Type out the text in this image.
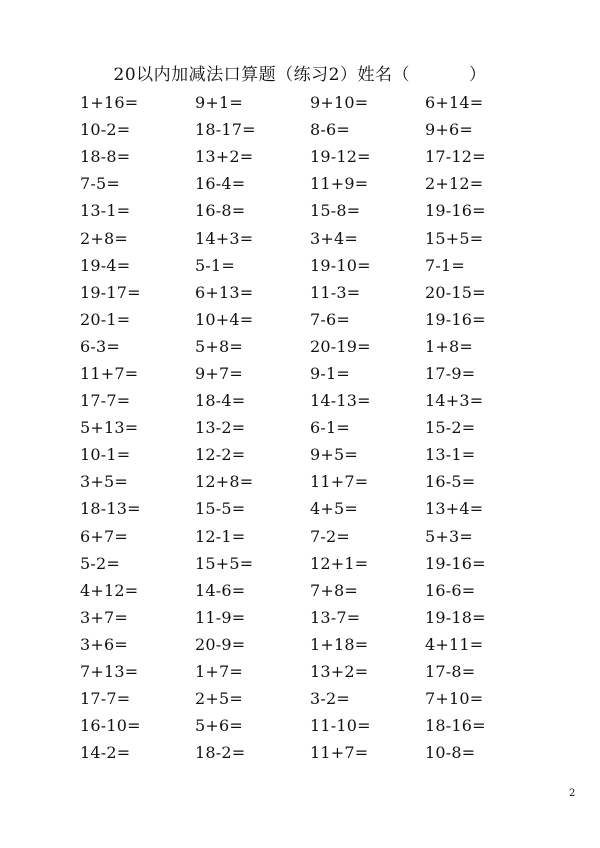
20以内加减法口算题（练习2）姓名（          ）
1+16=	9+1=	9+10=	6+14=
10-2=	18-17=	8-6=	9+6=
18-8=	13+2=	19-12=	17-12=
7-5=	16-4=	11+9=	2+12=
13-1=	16-8=	15-8=	19-16=
2+8=	14+3=	3+4=	15+5=
19-4=	5-1=	19-10=	7-1=
19-17=	6+13=	11-3=	20-15=
20-1=	10+4=	7-6=	19-16=
6-3=	5+8=	20-19=	1+8=
11+7=	9+7=	9-1=	17-9=
17-7=	18-4=	14-13=	14+3=
5+13=	13-2=	6-1=	15-2=
10-1=	12-2=	9+5=	13-1=
3+5=	12+8=	11+7=	16-5=
18-13=	15-5=	4+5=	13+4=
6+7=	12-1=	7-2=	5+3=
5-2=	15+5=	12+1=	19-16=
4+12=	14-6=	7+8=	16-6=
3+7=	11-9=	13-7=	19-18=
3+6=	20-9=	1+18=	4+11=
7+13=	1+7=	13+2=	17-8=
17-7=	2+5=	3-2=	7+10=
16-10=	5+6=	11-10=	18-16=
14-2=	18-2=	11+7=	10-8=
2
